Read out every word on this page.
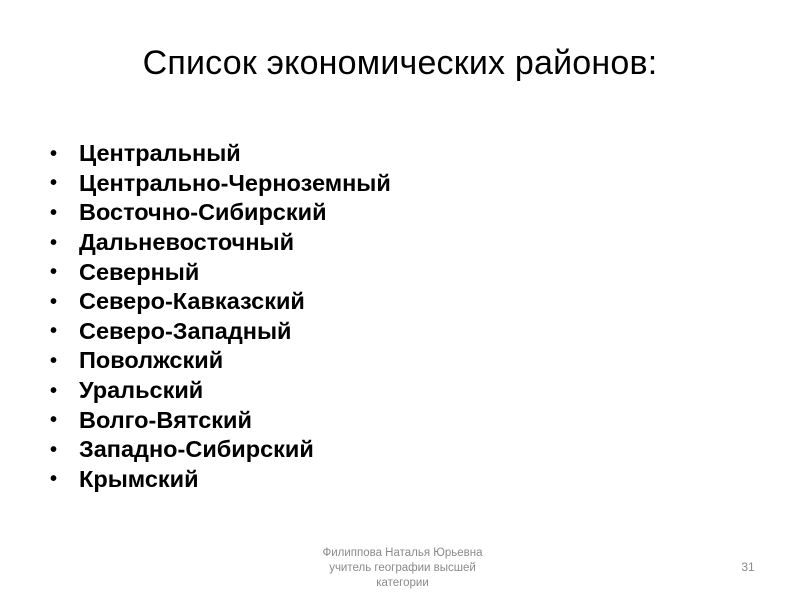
Список экономических районов:
• Центральный
• Центрально-Черноземный
• Восточно-Сибирский
• Дальневосточный
• Северный
• Северо-Кавказский
• Северо-Западный
• Поволжский
• Уральский
• Волго-Вятский
• Западно-Сибирский
• Крымский
Филиппова Наталья Юрьевна
учитель географии высшей
категории
31
